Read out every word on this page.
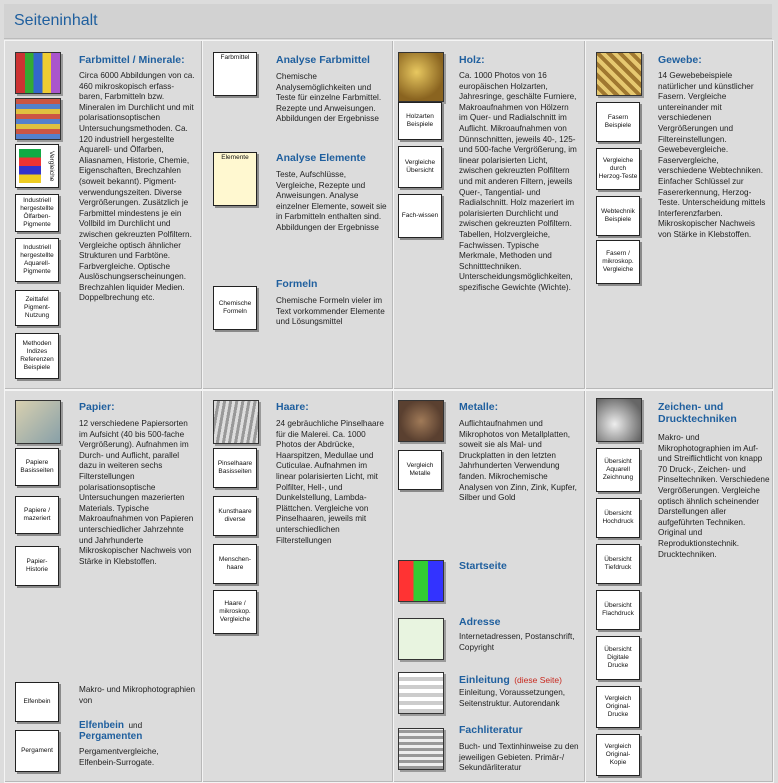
Seiteninhalt
Vergleiche
Industriell hergestellte Ölfarben-Pigmente
Industriell hergestellte Aquarell-Pigmente
Zeittafel Pigment-Nutzung
Methoden Indizes Referenzen Beispiele
Farbmittel / Minerale:
Circa 6000 Abbildungen von ca. 460 mikroskopisch erfass-baren, Farbmitteln bzw. Mineralen im Durchlicht und mit polarisationsoptischen Untersuchungsmethoden. Ca. 120 industriell hergestellte Aquarell- und Ölfarben, Aliasnamen, Historie, Chemie, Eigenschaften, Brechzahlen (soweit bekannt). Pigment-verwendungszeiten. Diverse Vergrößerungen. Zusätzlich je Farbmittel mindestens je ein Vollbild im Durchlicht und zwischen gekreuzten Polfiltern. Vergleiche optisch ähnlicher Strukturen und Farbtöne. Farbvergleiche. Optische Auslöschungserscheinungen. Brechzahlen liquider Medien. Doppelbrechung etc.
Farbmittel
Elemente
Chemische Formeln
Analyse Farbmittel
Chemische Analysemöglichkeiten und Teste für einzelne Farbmittel. Rezepte und Anweisungen. Abbildungen der Ergebnisse
Analyse Elemente
Teste, Aufschlüsse, Vergleiche, Rezepte und Anweisungen. Analyse einzelner Elemente, soweit sie in Farbmitteln enthalten sind. Abbildungen der Ergebnisse
Formeln
Chemische Formeln vieler im Text vorkommender Elemente und Lösungsmittel
Holzarten Beispiele
Vergleiche Übersicht
Fach-wissen
Holz:
Ca. 1000 Photos von 16 europäischen Holzarten, Jahresringe, geschälte Furniere, Makroaufnahmen von Hölzern im Quer- und Radialschnitt im Auflicht. Mikroaufnahmen von Dünnschnitten, jeweils 40-, 125- und 500-fache Vergrößerung, im linear polarisierten Licht, zwischen gekreuzten Polfiltern und mit anderen Filtern, jeweils Quer-, Tangential- und Radialschnitt. Holz mazeriert im polarisierten Durchlicht und zwischen gekreuzten Polfiltern. Tabellen, Holzvergleiche, Fachwissen. Typische Merkmale, Methoden und Schnitttechniken. Unterscheidungsmöglichkeiten, spezifische Gewichte (Wichte).
Fasern Beispiele
Vergleiche durch Herzog-Teste
Webtechnik Beispiele
Fasern / mikroskop. Vergleiche
Gewebe:
14 Gewebebeispiele natürlicher und künstlicher Fasern. Vergleiche untereinander mit verschiedenen Vergrößerungen und Filtereinstellungen. Gewebevergleiche. Faservergleiche, verschiedene Webtechniken. Einfacher Schlüssel zur Fasererkennung, Herzog-Teste. Unterscheidung mittels Interferenzfarben. Mikroskopischer Nachweis von Stärke in Klebstoffen.
Papiere Basisseiten
Papiere / mazeriert
Papier-Historie
Papier:
12 verschiedene Papiersorten im Aufsicht (40 bis 500-fache Vergrößerung). Aufnahmen im Durch- und Auflicht, parallel dazu in weiteren sechs Filterstellungen polarisationsoptische Untersuchungen mazerierten Materials. Typische Makroaufnahmen von Papieren unterschiedlicher Jahrzehnte und Jahrhunderte Mikroskopischer Nachweis von Stärke in Klebstoffen.
Elfenbein
Pergament
Makro- und Mikrophotographien von
Elfenbein und
Pergamenten
Pergamentvergleiche, Elfenbein-Surrogate.
Pinselhaare Basisseiten
Kunsthaare diverse
Menschen-haare
Haare / mikroskop. Vergleiche
Haare:
24 gebräuchliche Pinselhaare für die Malerei. Ca. 1000 Photos der Abdrücke, Haarspitzen, Medullae und Cuticulae. Aufnahmen im linear polarisierten Licht, mit Polfilter, Hell-, und Dunkelstellung, Lambda-Plättchen. Vergleiche von Pinselhaaren, jeweils mit unterschiedlichen Filterstellungen
Vergleich Metalle
Metalle:
Auflichtaufnahmen und Mikrophotos von Metallplatten, soweit sie als Mal- und Druckplatten in den letzten Jahrhunderten Verwendung fanden. Mikrochemische Analysen von Zinn, Zink, Kupfer, Silber und Gold
Startseite
Adresse
Internetadressen, Postanschrift, Copyright
Einleitung (diese Seite)
Einleitung, Voraussetzungen, Seitenstruktur. Autorendank
Fachliteratur
Buch- und Textinhinweise zu den jeweiligen Gebieten. Primär-/ Sekundärliteratur
Übersicht Aquarell Zeichnung
Übersicht Hochdruck
Übersicht Tiefdruck
Übersicht Flachdruck
Übersicht Digitale Drucke
Vergleich Original-Drucke
Vergleich Original-Kopie
Zeichen- und Drucktechniken
Makro- und Mikrophotographien im Auf- und Streiflichtlicht von knapp 70 Druck-, Zeichen- und Pinseltechniken. Verschiedene Vergrößerungen. Vergleiche optisch ähnlich scheinender Darstellungen aller aufgeführten Techniken. Original und Reproduktionstechnik. Drucktechniken.
